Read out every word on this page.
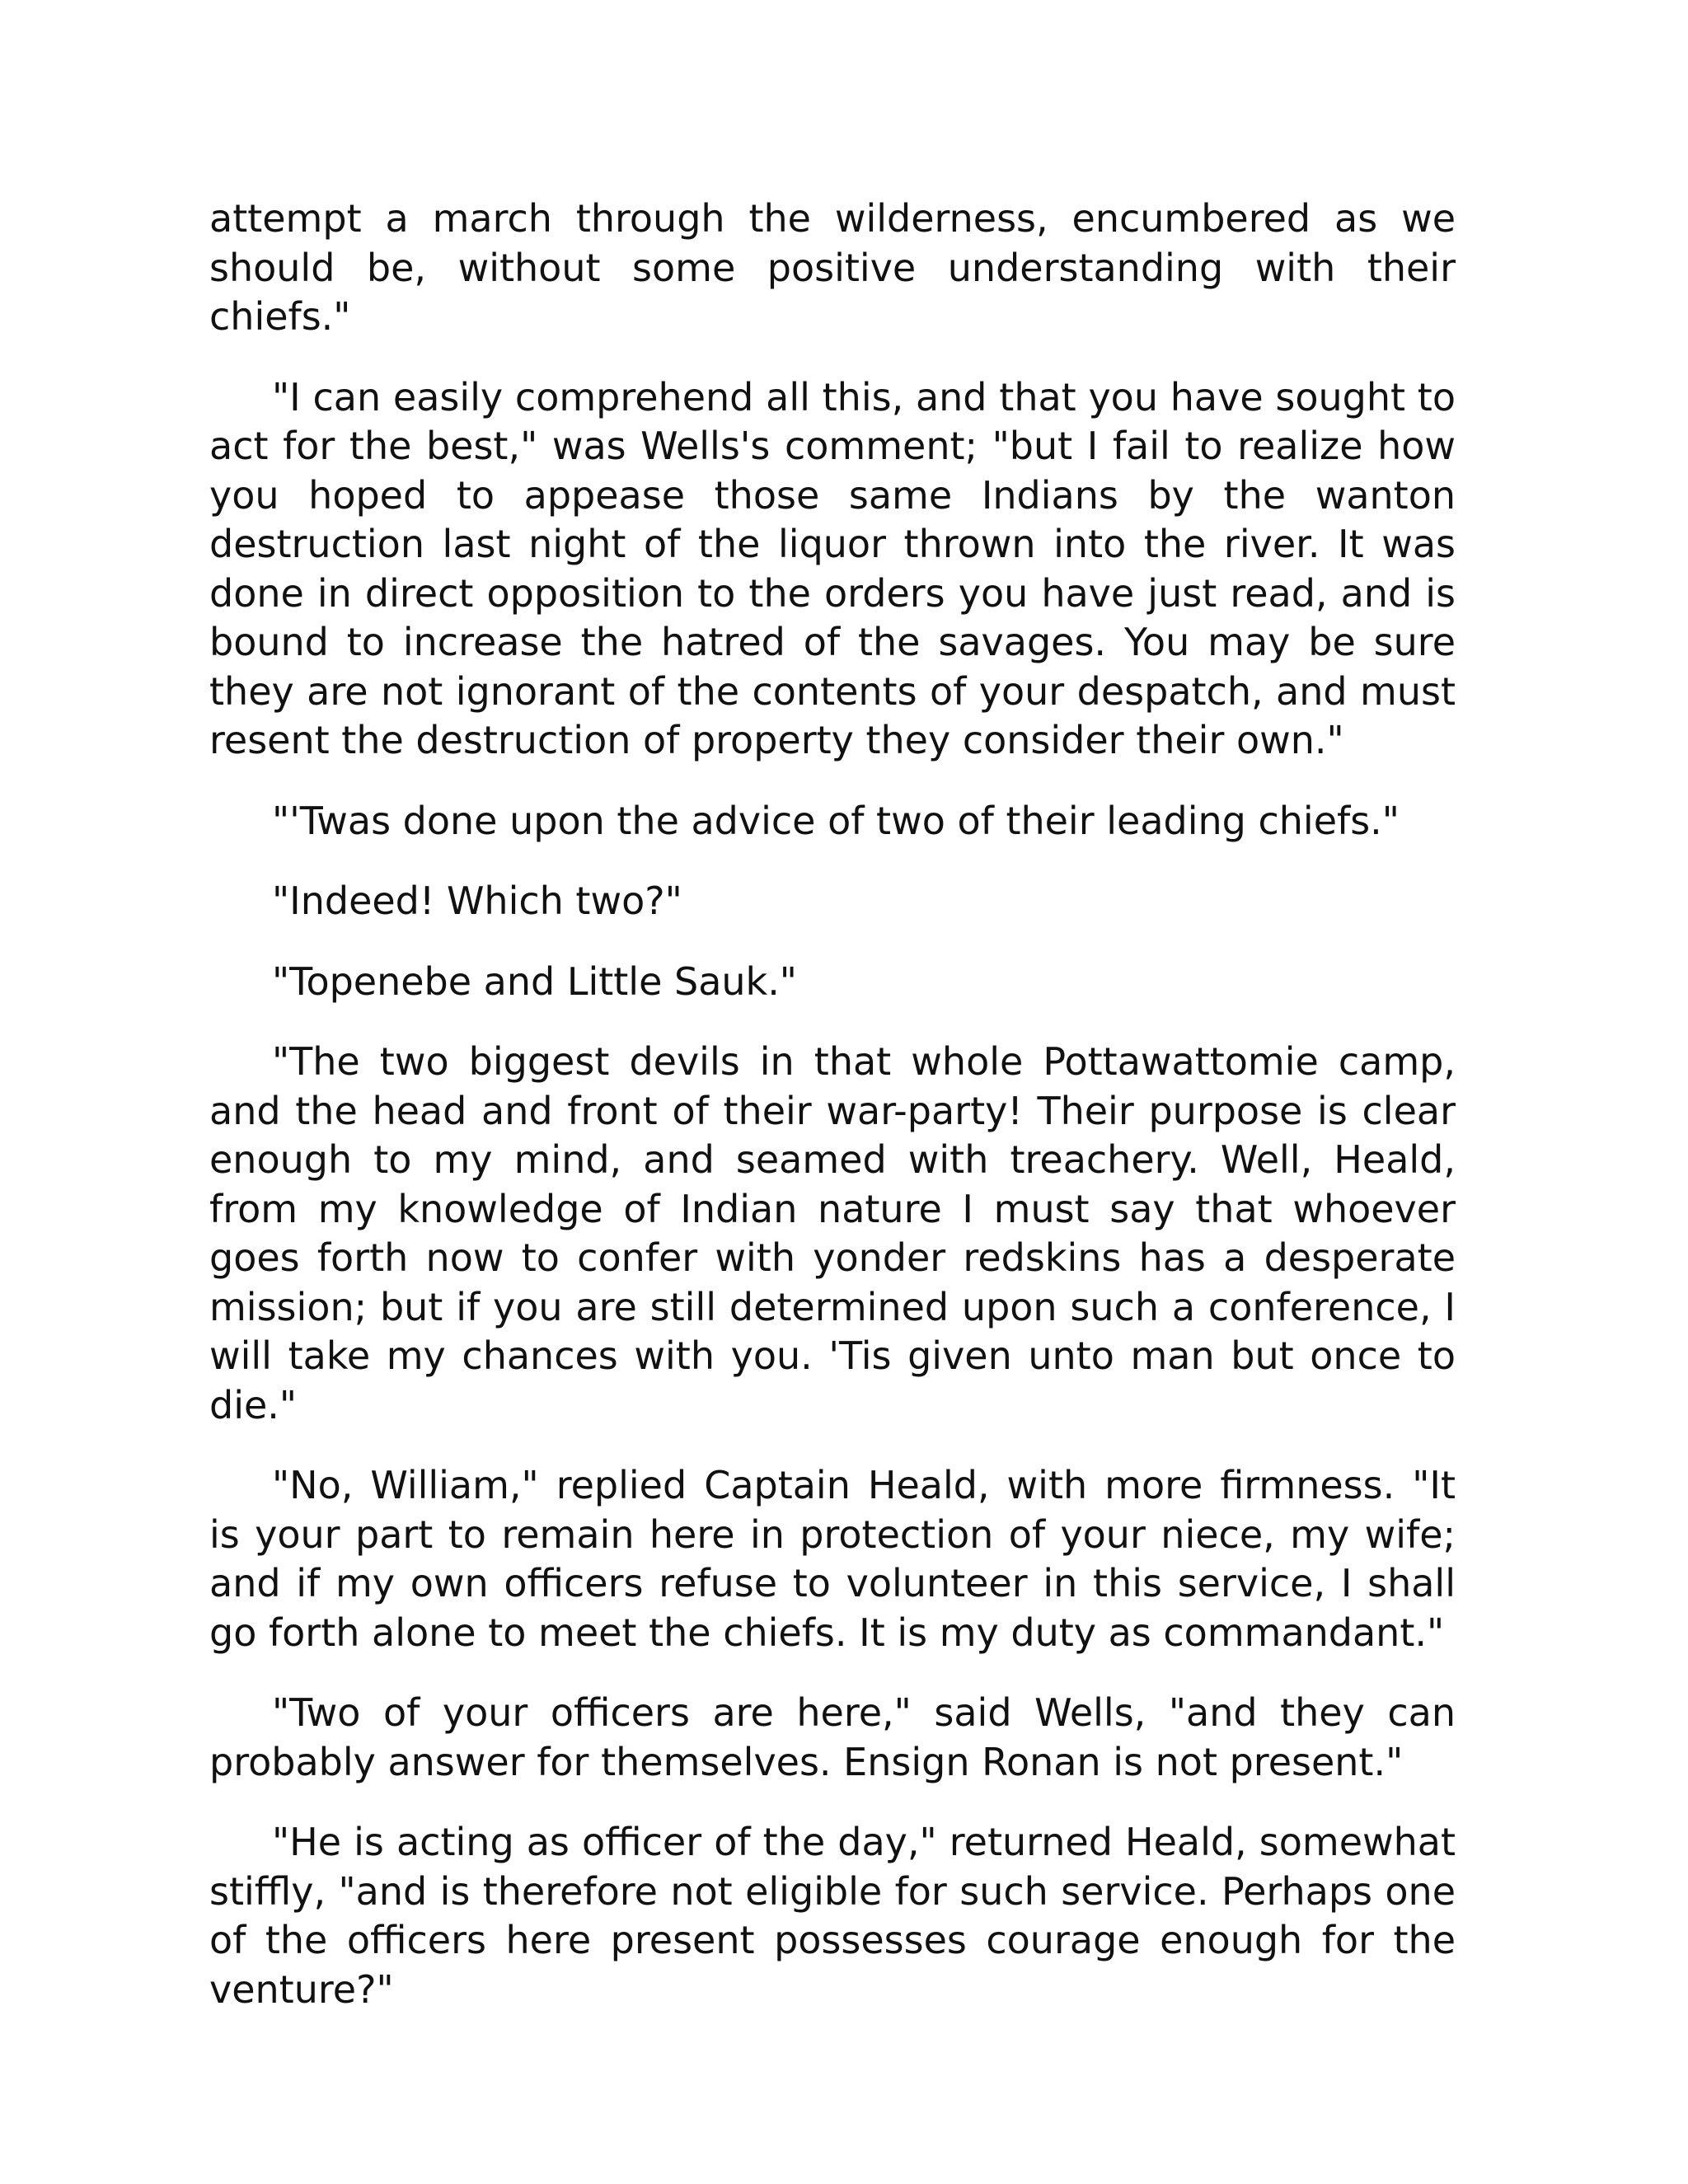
attempt a march through the wilderness, encumbered as we should be, without some positive understanding with their chiefs."

"I can easily comprehend all this, and that you have sought to act for the best," was Wells's comment; "but I fail to realize how you hoped to appease those same Indians by the wanton destruction last night of the liquor thrown into the river. It was done in direct opposition to the orders you have just read, and is bound to increase the hatred of the savages. You may be sure they are not ignorant of the contents of your despatch, and must resent the destruction of property they consider their own."

"'Twas done upon the advice of two of their leading chiefs."

"Indeed! Which two?"

"Topenebe and Little Sauk."

"The two biggest devils in that whole Pottawattomie camp, and the head and front of their war-party! Their purpose is clear enough to my mind, and seamed with treachery. Well, Heald, from my knowledge of Indian nature I must say that whoever goes forth now to confer with yonder redskins has a desperate mission; but if you are still determined upon such a conference, I will take my chances with you. 'Tis given unto man but once to die."

"No, William," replied Captain Heald, with more firmness. "It is your part to remain here in protection of your niece, my wife; and if my own officers refuse to volunteer in this service, I shall go forth alone to meet the chiefs. It is my duty as commandant."

"Two of your officers are here," said Wells, "and they can probably answer for themselves. Ensign Ronan is not present."

"He is acting as officer of the day," returned Heald, somewhat stiffly, "and is therefore not eligible for such service. Perhaps one of the officers here present possesses courage enough for the venture?"
